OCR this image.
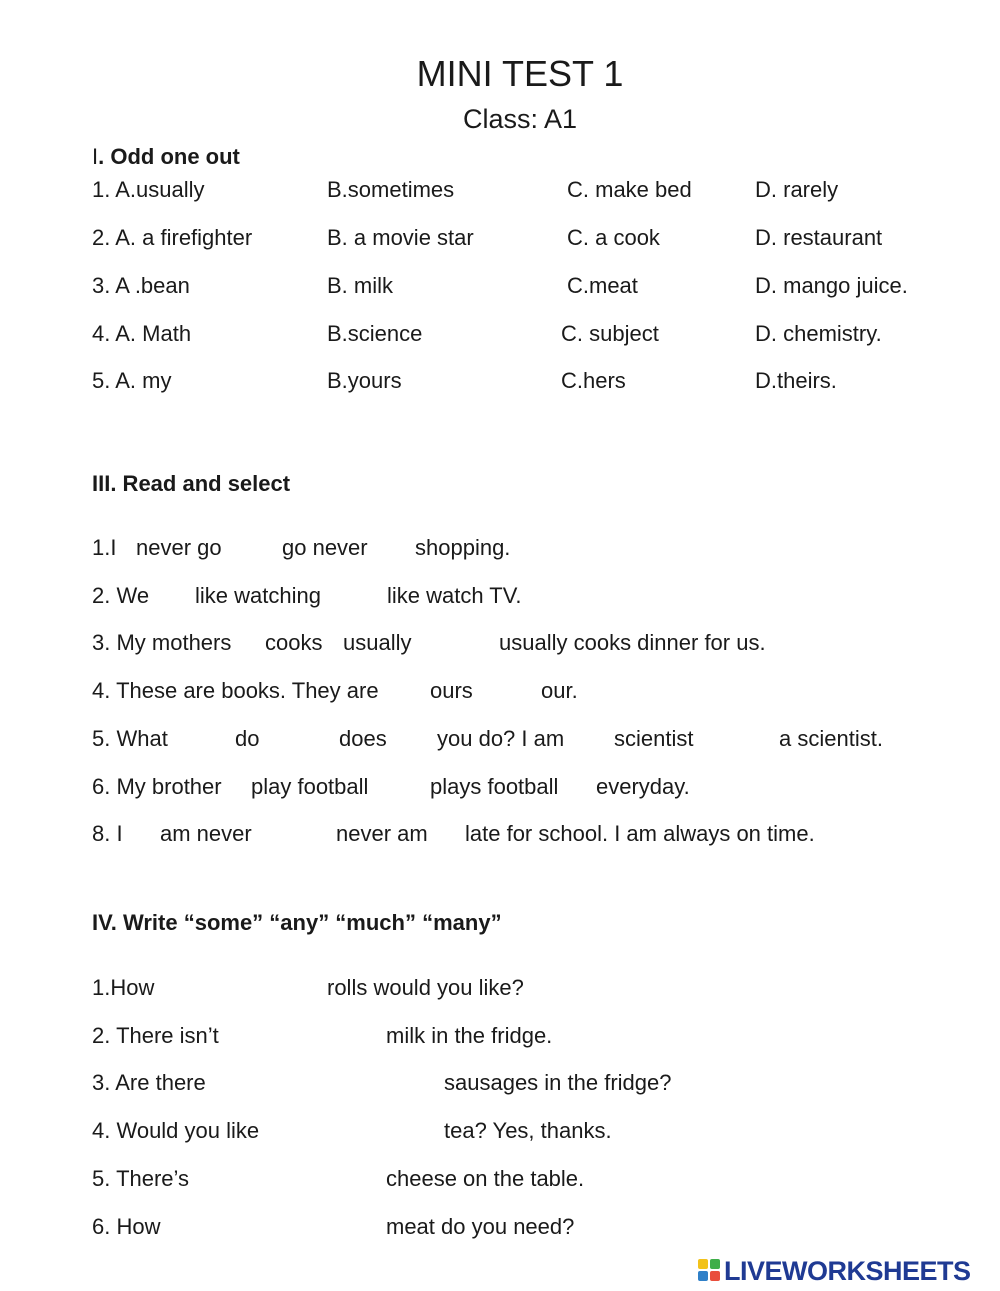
MINI TEST 1
Class: A1
I. Odd one out
1. A.usually	B.sometimes	C. make bed	D. rarely
2. A. a firefighter	B. a movie star	C. a cook	D. restaurant
3. A .bean	B. milk	C.meat	D. mango juice.
4. A. Math	B.science	C. subject	D. chemistry.
5. A. my	B.yours	C.hers	D.theirs.
III. Read and select
1.I never go	go never shopping.
2. We like watching	like watch TV.
3. My mothers cooks usually	usually cooks dinner for us.
4. These are books. They are ours	our.
5. What	do	does you do? I am scientist	a scientist.
6. My brother play football	plays football everyday.
8. I am never	never am late for school. I am always on time.
IV. Write “some” “any” “much” “many”
1.How	rolls would you like?
2. There isn’t	milk in the fridge.
3. Are there	sausages in the fridge?
4. Would you like	tea? Yes, thanks.
5. There’s	cheese on the table.
6. How	meat do you need?
LIVEWORKSHEETS
